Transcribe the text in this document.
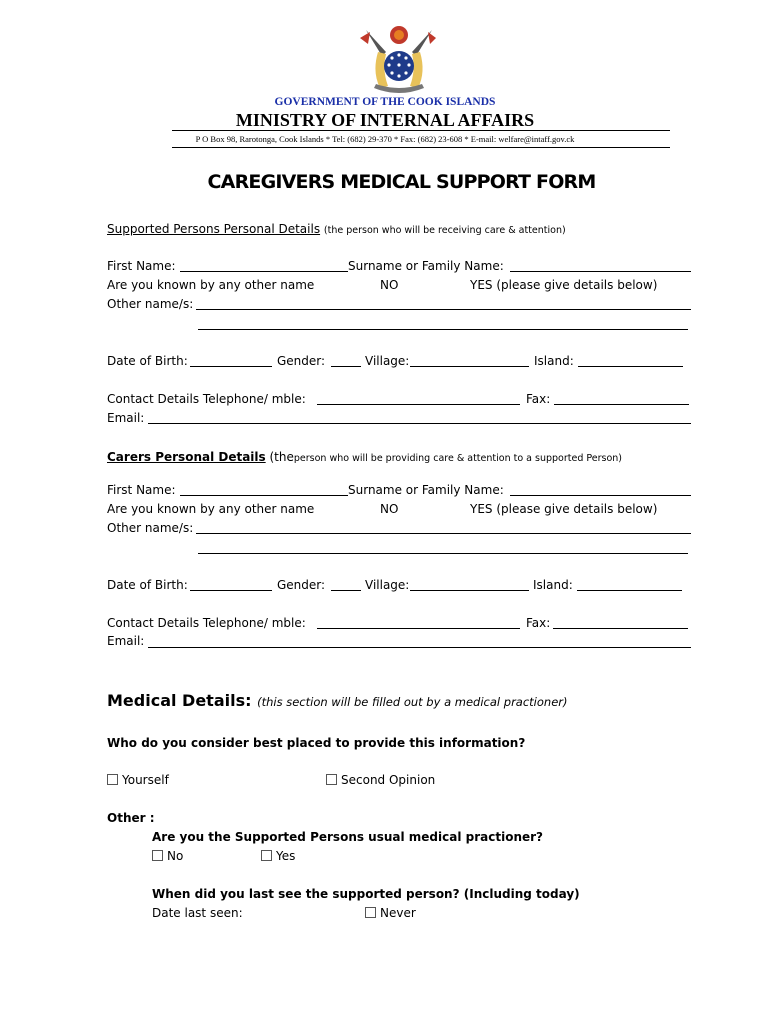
GOVERNMENT OF THE COOK ISLANDS
MINISTRY OF INTERNAL AFFAIRS
P O Box 98, Rarotonga, Cook Islands * Tel: (682) 29-370 * Fax: (682) 23-608 * E-mail: welfare@intaff.gov.ck
CAREGIVERS MEDICAL SUPPORT FORM
Supported Persons Personal Details (the person who will be receiving care & attention)
First Name:	Surname or Family Name:
Are you known by any other name	NO	YES (please give details below)
Other name/s:
Date of Birth:	Gender:	Village:	Island:
Contact Details Telephone/ mble:	Fax:
Email:
Carers Personal Details (theperson who will be providing care & attention to a supported Person)
First Name:	Surname or Family Name:
Are you known by any other name	NO	YES (please give details below)
Other name/s:
Date of Birth:	Gender:	Village:	Island:
Contact Details Telephone/ mble:	Fax:
Email:
Medical Details: (this section will be filled out by a medical practioner)
Who do you consider best placed to provide this information?
Yourself	Second Opinion
Other :
Are you the Supported Persons usual medical practioner?
No	Yes
When did you last see the supported person? (Including today)
Date last seen:	Never
